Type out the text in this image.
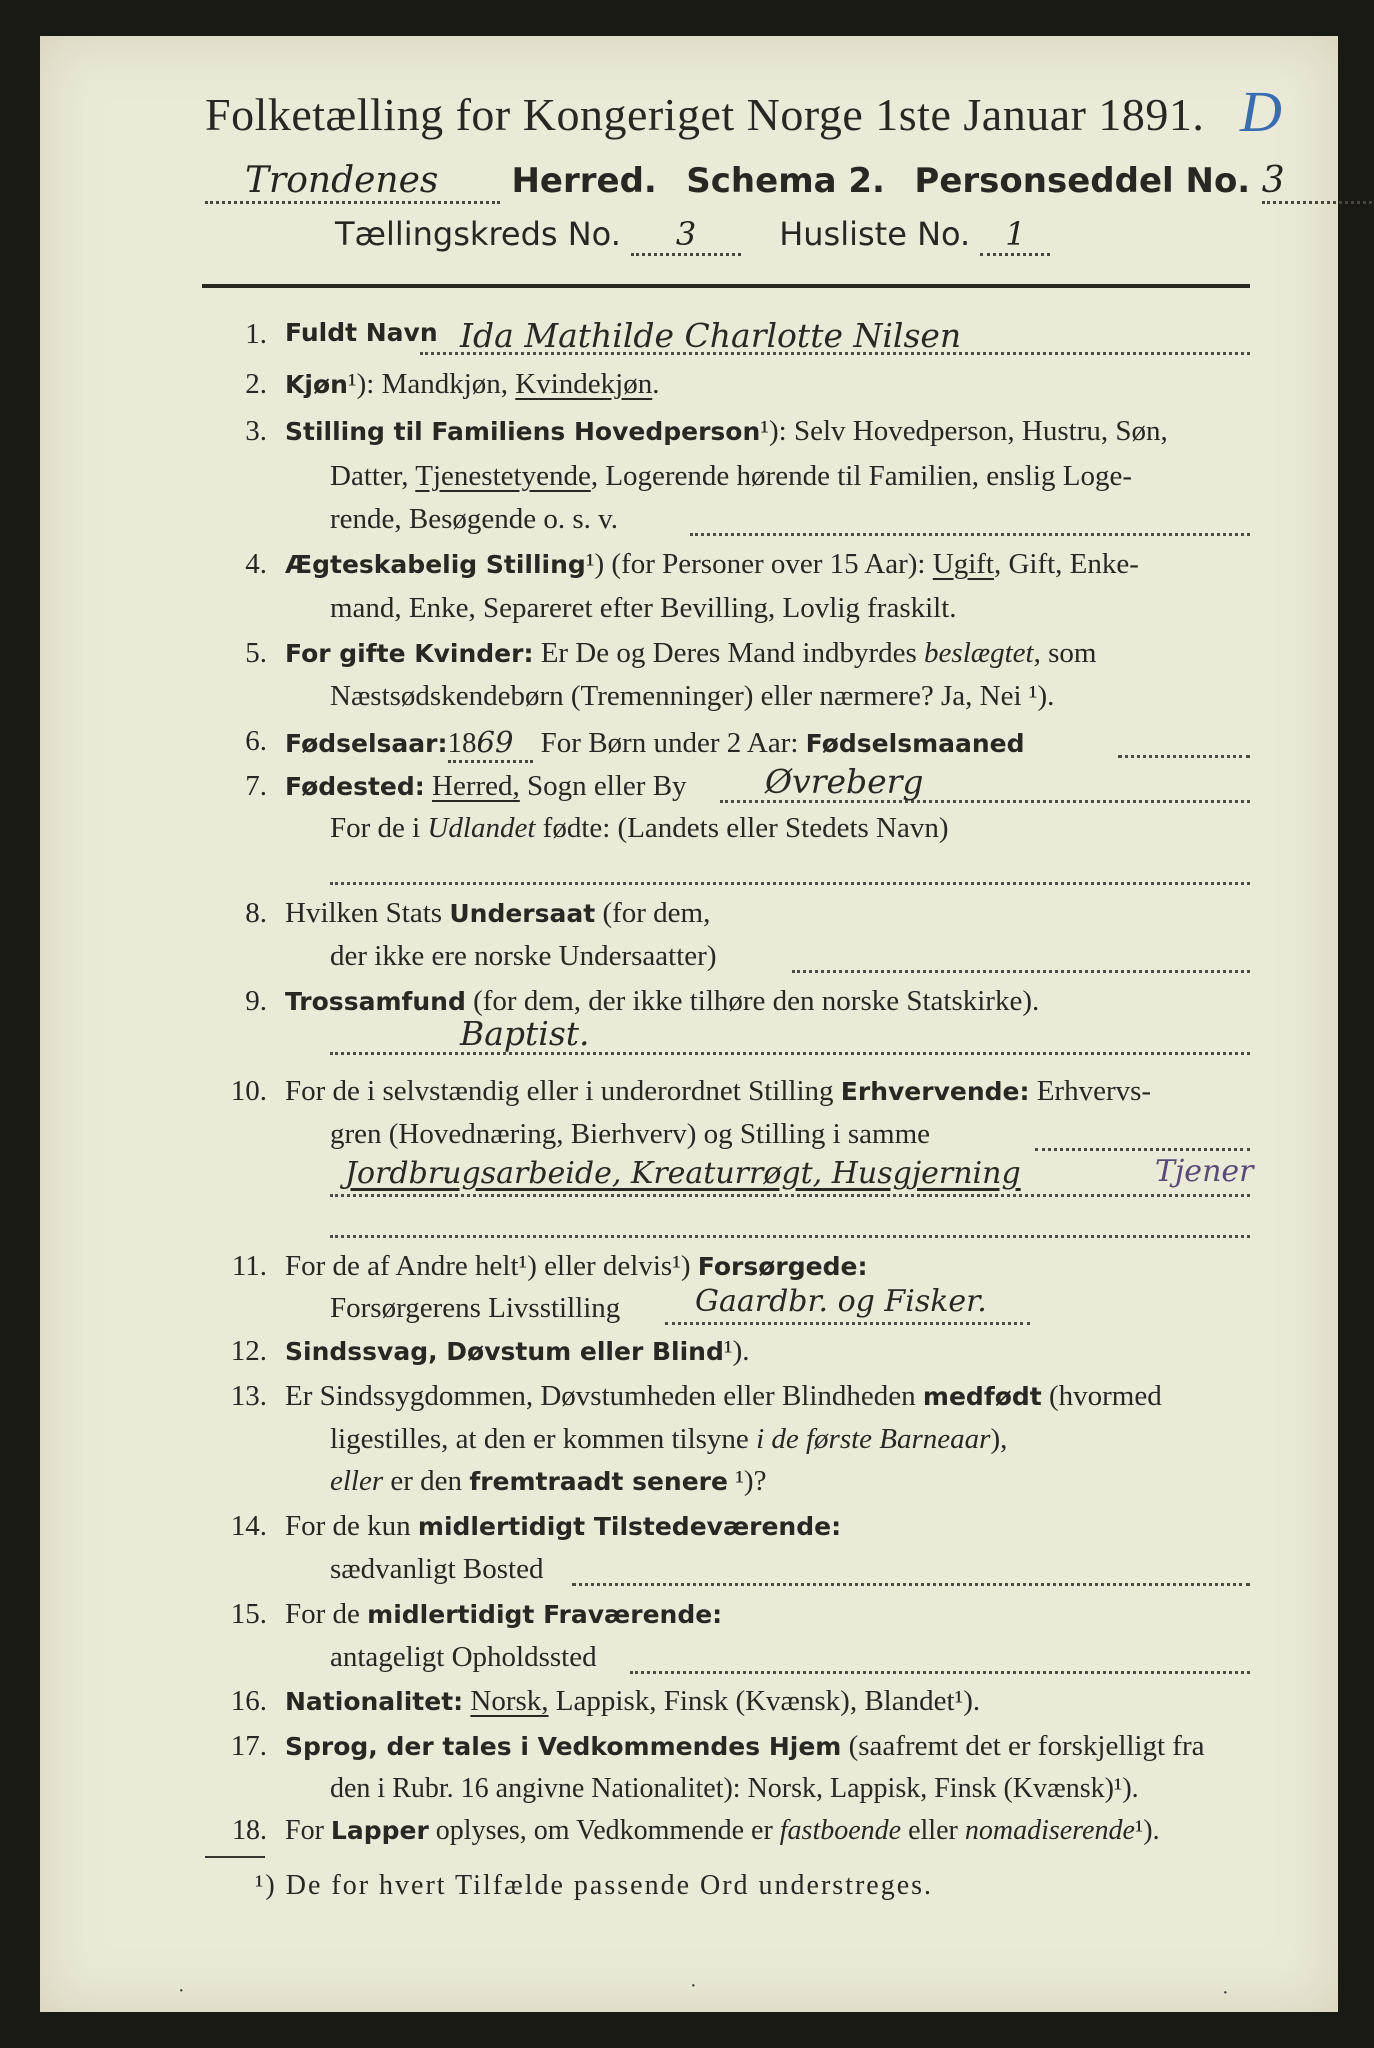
Folketælling for Kongeriget Norge 1ste Januar 1891. D
Trondenes Herred. Schema 2. Personseddel No. 3
Tællingskreds No. 3	Husliste No. 1
1. Fuldt Navn Ida Mathilde Charlotte Nilsen
2. Kjøn¹): Mandkjøn, Kvindekjøn.
3. Stilling til Familiens Hovedperson¹): Selv Hovedperson, Hustru, Søn,
Datter, Tjenestetyende, Logerende hørende til Familien, enslig Loge-
rende, Besøgende o. s. v.
4. Ægteskabelig Stilling¹) (for Personer over 15 Aar): Ugift, Gift, Enke-
mand, Enke, Separeret efter Bevilling, Lovlig fraskilt.
5. For gifte Kvinder: Er De og Deres Mand indbyrdes beslægtet, som
Næstsødskendebørn (Tremenninger) eller nærmere? Ja, Nei ¹).
6. Fødselsaar:1869 For Børn under 2 Aar: Fødselsmaaned
7. Fødested: Herred, Sogn eller By Øvreberg
For de i Udlandet fødte: (Landets eller Stedets Navn)
8. Hvilken Stats Undersaat (for dem,
der ikke ere norske Undersaatter)
9. Trossamfund (for dem, der ikke tilhøre den norske Statskirke).
Baptist.
10. For de i selvstændig eller i underordnet Stilling Erhvervende: Erhvervs-
gren (Hovednæring, Bierhverv) og Stilling i samme
Jordbrugsarbeide, Kreaturrøgt, Husgjerning	Tjener
11. For de af Andre helt¹) eller delvis¹) Forsørgede:
Forsørgerens Livsstilling Gaardbr. og Fisker.
12. Sindssvag, Døvstum eller Blind¹).
13. Er Sindssygdommen, Døvstumheden eller Blindheden medfødt (hvormed
ligestilles, at den er kommen tilsyne i de første Barneaar),
eller er den fremtraadt senere ¹)?
14. For de kun midlertidigt Tilstedeværende:
sædvanligt Bosted
15. For de midlertidigt Fraværende:
antageligt Opholdssted
16. Nationalitet: Norsk, Lappisk, Finsk (Kvænsk), Blandet¹).
17. Sprog, der tales i Vedkommendes Hjem (saafremt det er forskjelligt fra
den i Rubr. 16 angivne Nationalitet): Norsk, Lappisk, Finsk (Kvænsk)¹).
18. For Lapper oplyses, om Vedkommende er fastboende eller nomadiserende¹).
¹) De for hvert Tilfælde passende Ord understreges.
·	·	·
